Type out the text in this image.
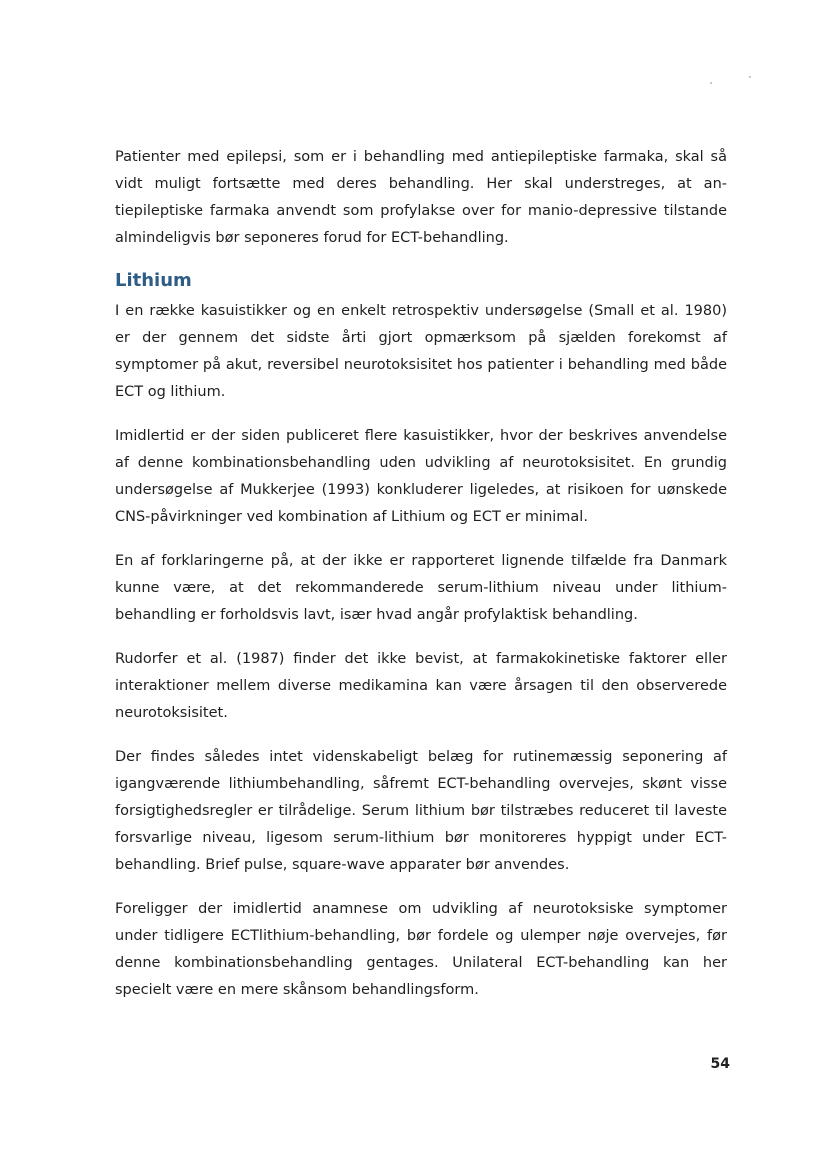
Patienter med epilepsi, som er i behandling med antiepileptiske farmaka, skal så vidt muligt fortsætte med deres behandling. Her skal understreges, at antiepileptiske farmaka anvendt som profylakse over for manio-depressive tilstande almindeligvis bør seponeres forud for ECT-behandling.

Lithium

I en række kasuistikker og en enkelt retrospektiv undersøgelse (Small et al. 1980) er der gennem det sidste årti gjort opmærksom på sjælden forekomst af symptomer på akut, reversibel neurotoksisitet hos patienter i behandling med både ECT og lithium.

Imidlertid er der siden publiceret flere kasuistikker, hvor der beskrives anvendelse af denne kombinationsbehandling uden udvikling af neurotoksisitet. En grundig undersøgelse af Mukkerjee (1993) konkluderer ligeledes, at risikoen for uønskede CNS-påvirkninger ved kombination af Lithium og ECT er minimal.

En af forklaringerne på, at der ikke er rapporteret lignende tilfælde fra Danmark kunne være, at det rekommanderede serum-lithium niveau under lithiumbehandling er forholdsvis lavt, især hvad angår profylaktisk behandling.

Rudorfer et al. (1987) finder det ikke bevist, at farmakokinetiske faktorer eller interaktioner mellem diverse medikamina kan være årsagen til den observerede neurotoksisitet.

Der findes således intet videnskabeligt belæg for rutinemæssig seponering af igangværende lithiumbehandling, såfremt ECT-behandling overvejes, skønt visse forsigtighedsregler er tilrådelige. Serum lithium bør tilstræbes reduceret til laveste forsvarlige niveau, ligesom serum-lithium bør monitoreres hyppigt under ECT-behandling. Brief pulse, square-wave apparater bør anvendes.

Foreligger der imidlertid anamnese om udvikling af neurotoksiske symptomer under tidligere ECTlithium-behandling, bør fordele og ulemper nøje overvejes, før denne kombinationsbehandling gentages. Unilateral ECT-behandling kan her specielt være en mere skånsom behandlingsform.

54
